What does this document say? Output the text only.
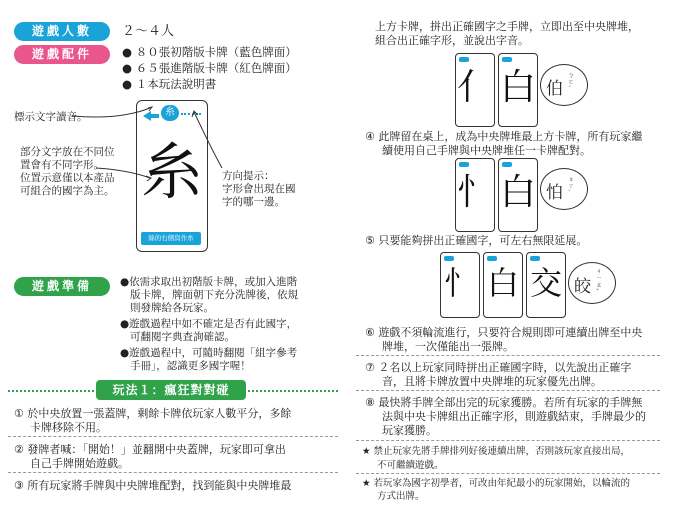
遊戲人數	２～４人
遊戲配件	● ８０張初階版卡牌（藍色牌面）
● ６５張進階版卡牌（紅色牌面）
● １本玩法說明書
標示文字讀音。
部分文字放在不同位
置會有不同字形。
位置示意僅以本產品
可組合的國字為主。
方向提示：
字形會出現在國
字的哪一邊。
糸
糸
絲的右側寫作糸
遊戲準備	●依需求取出初階版卡牌，或加入進階
版卡牌，牌面朝下充分洗牌後，依規
則發牌給各玩家。
●遊戲過程中如不確定是否有此國字，
可翻閱字典查詢確認。
●遊戲過程中，可隨時翻閱「組字參考
手冊」，認識更多國字喔！
玩法１：瘋狂對對碰
① 於中央放置一張蓋牌，剩餘卡牌依玩家人數平分，多餘
卡牌移除不用。
② 發牌者喊：「開始！」並翻開中央蓋牌，玩家即可拿出
自己手牌開始遊戲。
③ 所有玩家將手牌與中央牌堆配對，找到能與中央牌堆最
上方卡牌，拼出正確國字之手牌，立即出至中央牌堆，
組合出正確字形，並說出字音。
亻 白 伯
ㄅㄛˊ
④ 此牌留在桌上，成為中央牌堆最上方卡牌，所有玩家繼
續使用自己手牌與中央牌堆任一卡牌配對。
忄 白 怕
ㄆㄚˋ
⑤ 只要能夠拼出正確國字，可左右無限延展。
忄 白 交 皎
ㄐㄧㄠˇ
⑥ 遊戲不須輪流進行，只要符合規則即可連續出牌至中央
牌堆，一次僅能出一張牌。
⑦ ２名以上玩家同時拼出正確國字時，以先說出正確字
音，且將卡牌放置中央牌堆的玩家優先出牌。
⑧ 最快將手牌全部出完的玩家獲勝。若所有玩家的手牌無
法與中央卡牌組出正確字形，則遊戲結束，手牌最少的
玩家獲勝。
★ 禁止玩家先將手牌排列好後連續出牌，否則該玩家直接出局，
不可繼續遊戲。
★ 若玩家為國字初學者，可改由年紀最小的玩家開始，以輪流的
方式出牌。
